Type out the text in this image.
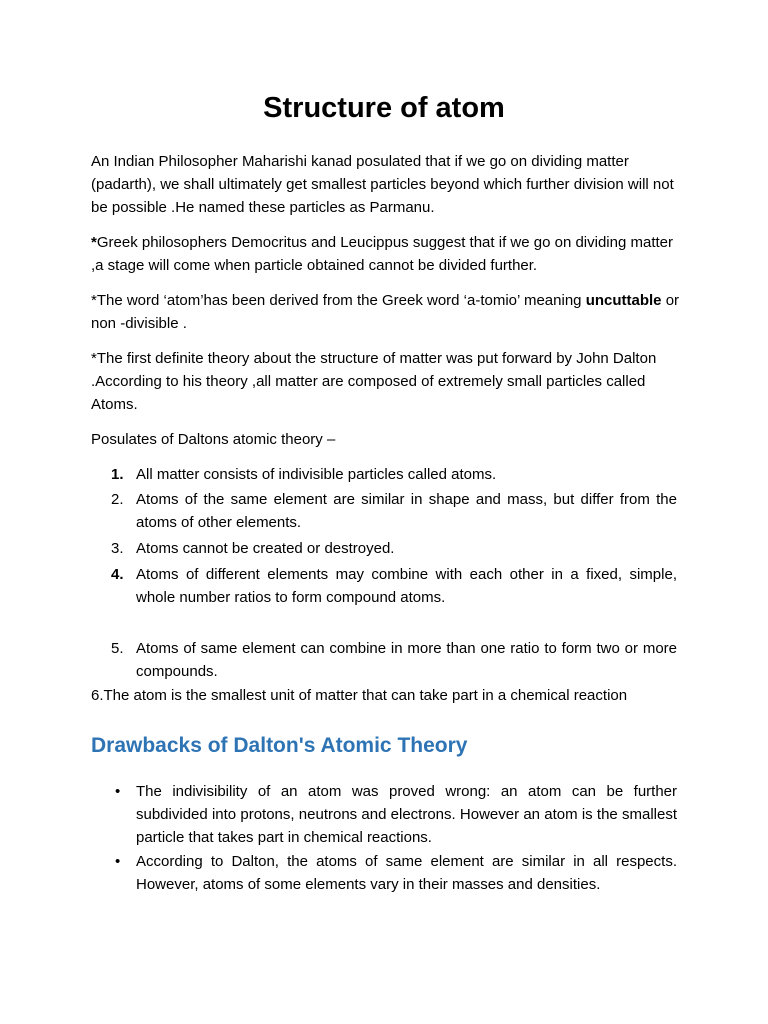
Structure of atom

An Indian Philosopher Maharishi kanad posulated that if we go on dividing matter (padarth), we shall ultimately get smallest particles beyond which further division will not be possible .He named these particles as Parmanu.

*Greek philosophers Democritus and Leucippus suggest that if we go on dividing matter ,a stage will come when particle obtained cannot be divided further.

*The word ‘atom’has been derived from the Greek word ‘a-tomio’ meaning uncuttable or non -divisible .

*The first definite theory about the structure of matter was put forward by John Dalton .According to his theory ,all matter are composed of extremely small particles called Atoms.

Posulates of Daltons atomic theory –

1. All matter consists of indivisible particles called atoms.
2. Atoms of the same element are similar in shape and mass, but differ from the atoms of other elements.
3. Atoms cannot be created or destroyed.
4. Atoms of different elements may combine with each other in a fixed, simple, whole number ratios to form compound atoms.
5. Atoms of same element can combine in more than one ratio to form two or more compounds.

6.The atom is the smallest unit of matter that can take part in a chemical reaction

Drawbacks of Dalton's Atomic Theory
• The indivisibility of an atom was proved wrong: an atom can be further subdivided into protons, neutrons and electrons. However an atom is the smallest particle that takes part in chemical reactions.
• According to Dalton, the atoms of same element are similar in all respects. However, atoms of some elements vary in their masses and densities.
